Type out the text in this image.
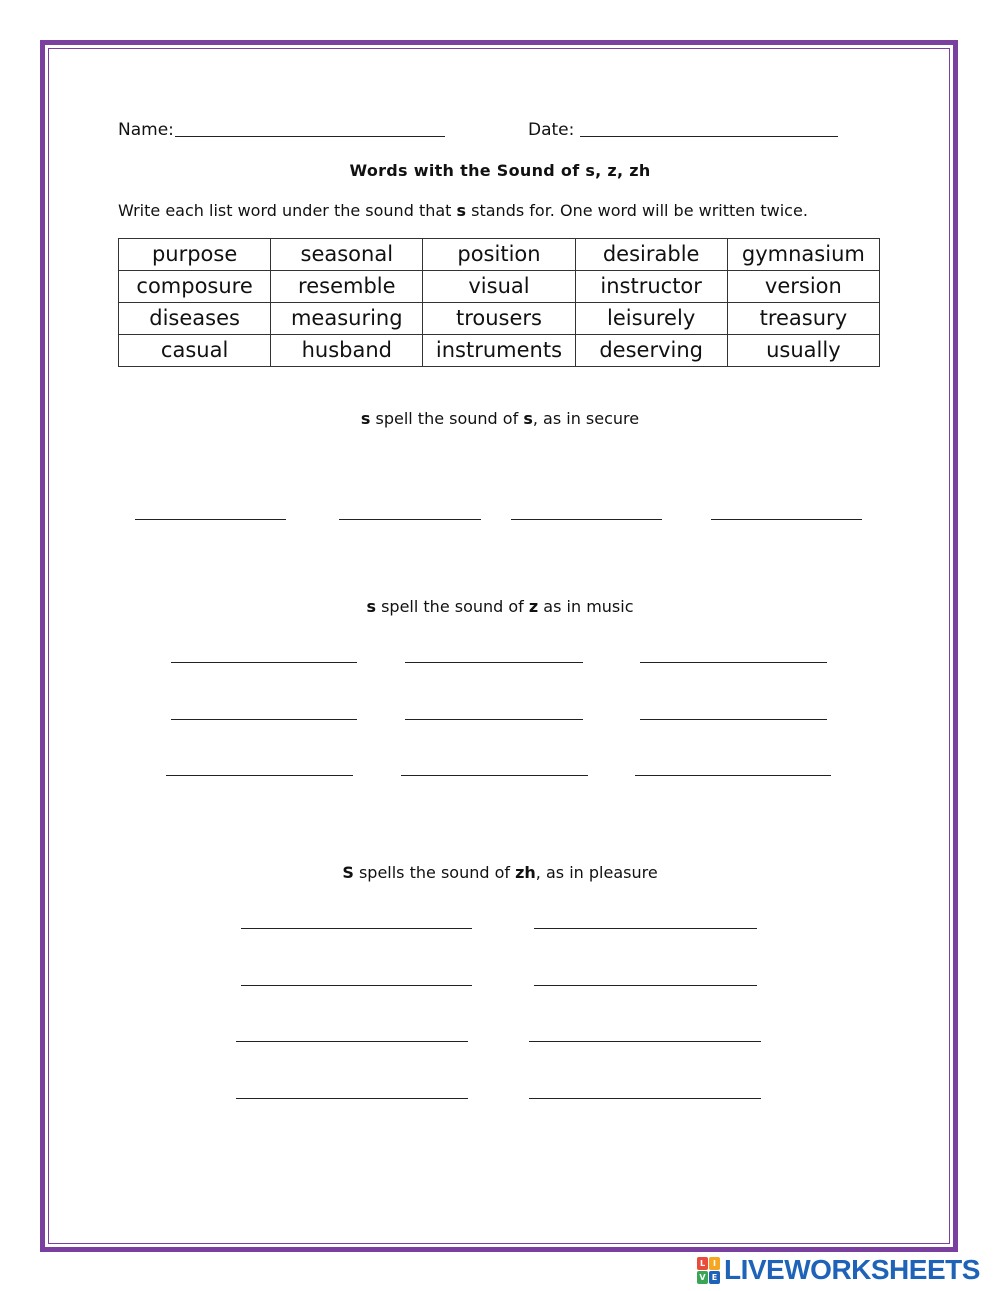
Name:	Date:
Words with the Sound of s, z, zh
Write each list word under the sound that s stands for. One word will be written twice.
purpose	seasonal	position	desirable	gymnasium
composure	resemble	visual	instructor	version
diseases	measuring	trousers	leisurely	treasury
casual	husband	instruments	deserving	usually
s spell the sound of s, as in secure
s spell the sound of z as in music
S spells the sound of zh, as in pleasure
L I
V E LIVEWORKSHEETS
